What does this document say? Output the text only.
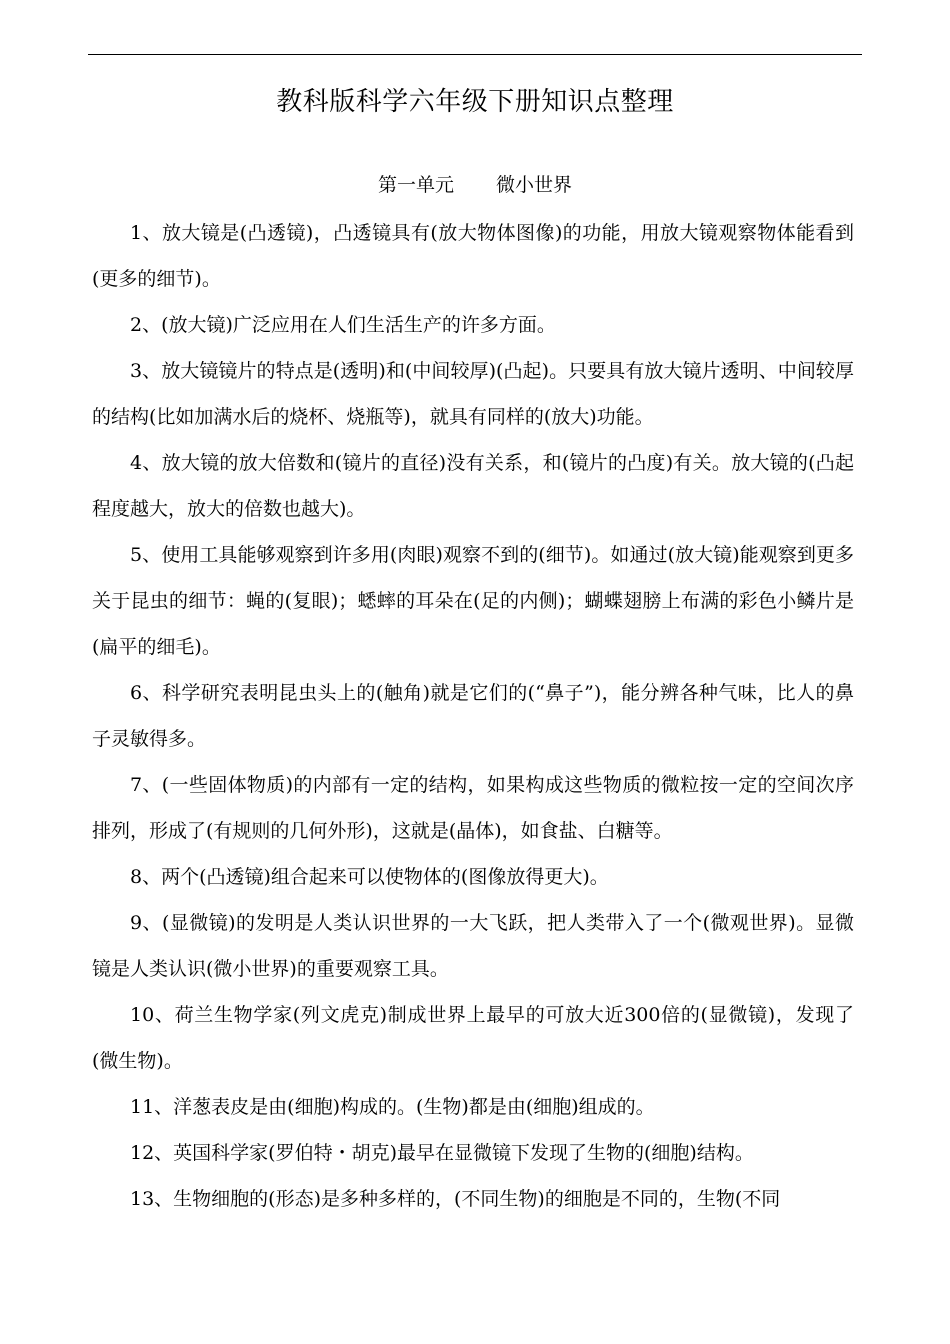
教科版科学六年级下册知识点整理
第一单元 微小世界

1、放大镜是(凸透镜)，凸透镜具有(放大物体图像)的功能，用放大镜观察物体能看到(更多的细节)。

2、(放大镜)广泛应用在人们生活生产的许多方面。

3、放大镜镜片的特点是(透明)和(中间较厚)(凸起)。只要具有放大镜片透明、中间较厚的结构(比如加满水后的烧杯、烧瓶等)，就具有同样的(放大)功能。

4、放大镜的放大倍数和(镜片的直径)没有关系，和(镜片的凸度)有关。放大镜的(凸起程度越大，放大的倍数也越大)。

5、使用工具能够观察到许多用(肉眼)观察不到的(细节)。如通过(放大镜)能观察到更多关于昆虫的细节：蝇的(复眼)；蟋蟀的耳朵在(足的内侧)；蝴蝶翅膀上布满的彩色小鳞片是(扁平的细毛)。

6、科学研究表明昆虫头上的(触角)就是它们的(“鼻子”)，能分辨各种气味，比人的鼻子灵敏得多。

7、(一些固体物质)的内部有一定的结构，如果构成这些物质的微粒按一定的空间次序排列，形成了(有规则的几何外形)，这就是(晶体)，如食盐、白糖等。

8、两个(凸透镜)组合起来可以使物体的(图像放得更大)。

9、(显微镜)的发明是人类认识世界的一大飞跃，把人类带入了一个(微观世界)。显微镜是人类认识(微小世界)的重要观察工具。

10、荷兰生物学家(列文虎克)制成世界上最早的可放大近300倍的(显微镜)，发现了(微生物)。

11、洋葱表皮是由(细胞)构成的。(生物)都是由(细胞)组成的。

12、英国科学家(罗伯特・胡克)最早在显微镜下发现了生物的(细胞)结构。

13、生物细胞的(形态)是多种多样的，(不同生物)的细胞是不同的，生物(不同
